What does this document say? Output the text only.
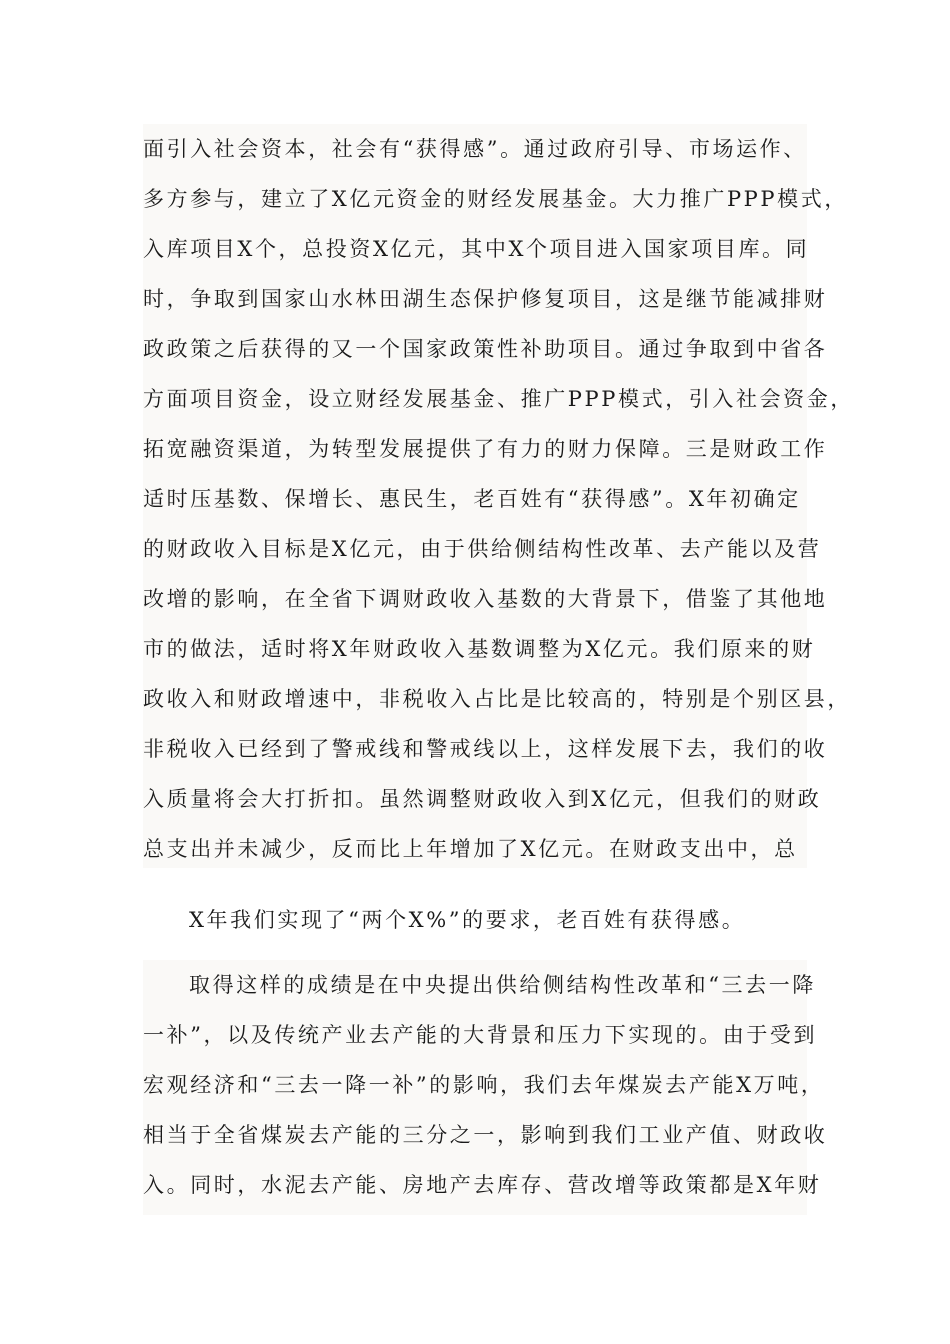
面引入社会资本，社会有“获得感”。通过政府引导、市场运作、
多方参与，建立了X亿元资金的财经发展基金。大力推广PPP模式，
入库项目X个，总投资X亿元，其中X个项目进入国家项目库。同
时，争取到国家山水林田湖生态保护修复项目，这是继节能减排财
政政策之后获得的又一个国家政策性补助项目。通过争取到中省各
方面项目资金，设立财经发展基金、推广PPP模式，引入社会资金，
拓宽融资渠道，为转型发展提供了有力的财力保障。三是财政工作
适时压基数、保增长、惠民生，老百姓有“获得感”。X年初确定
的财政收入目标是X亿元，由于供给侧结构性改革、去产能以及营
改增的影响，在全省下调财政收入基数的大背景下，借鉴了其他地
市的做法，适时将X年财政收入基数调整为X亿元。我们原来的财
政收入和财政增速中，非税收入占比是比较高的，特别是个别区县，
非税收入已经到了警戒线和警戒线以上，这样发展下去，我们的收
入质量将会大打折扣。虽然调整财政收入到X亿元，但我们的财政
总支出并未减少，反而比上年增加了X亿元。在财政支出中，总
X年我们实现了“两个X%”的要求，老百姓有获得感。
取得这样的成绩是在中央提出供给侧结构性改革和“三去一降
一补”，以及传统产业去产能的大背景和压力下实现的。由于受到
宏观经济和“三去一降一补”的影响，我们去年煤炭去产能X万吨，
相当于全省煤炭去产能的三分之一，影响到我们工业产值、财政收
入。同时，水泥去产能、房地产去库存、营改增等政策都是X年财
